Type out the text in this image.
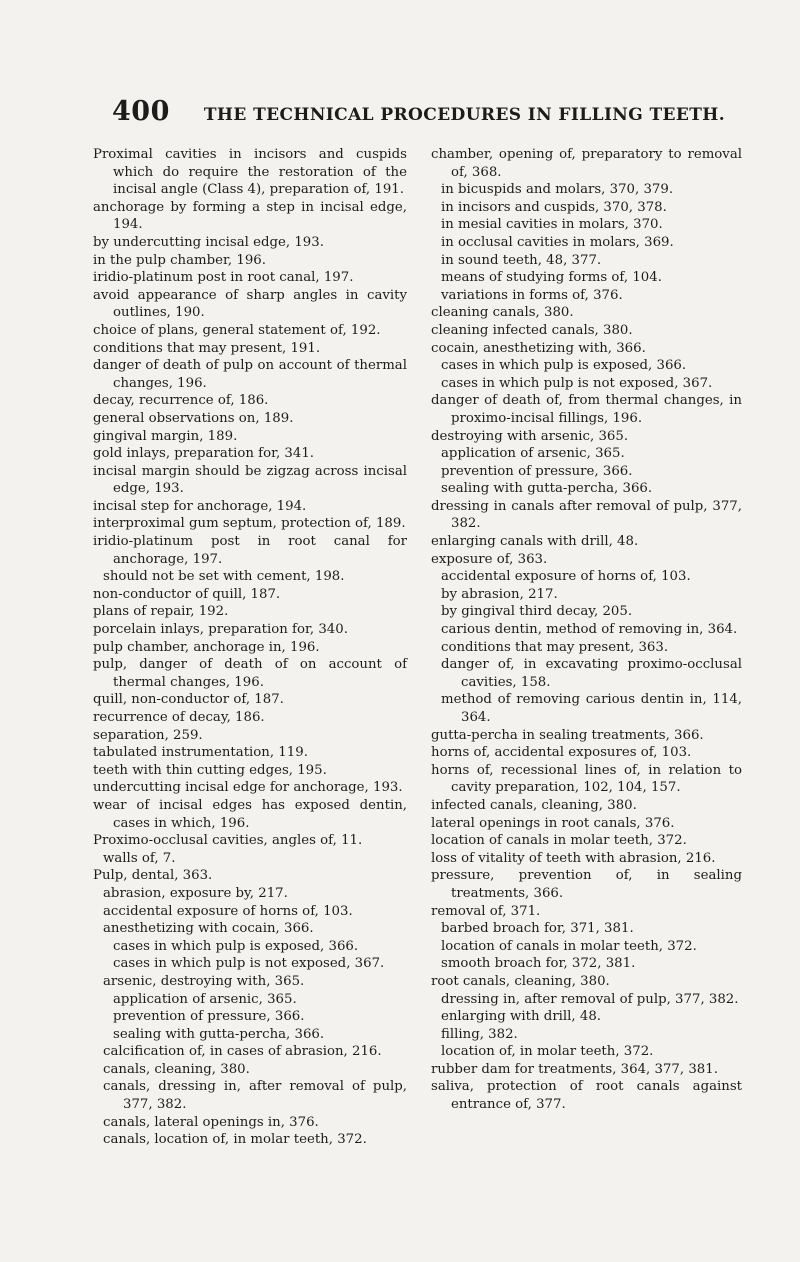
400 THE TECHNICAL PROCEDURES IN FILLING TEETH.

Proximal cavities in incisors and cuspids which do require the restoration of the incisal angle (Class 4), preparation of, 191.

anchorage by forming a step in incisal edge, 194.

by undercutting incisal edge, 193.

in the pulp chamber, 196.

iridio-platinum post in root canal, 197.

avoid appearance of sharp angles in cavity outlines, 190.

choice of plans, general statement of, 192.

conditions that may present, 191.

danger of death of pulp on account of thermal changes, 196.

decay, recurrence of, 186.

general observations on, 189.

gingival margin, 189.

gold inlays, preparation for, 341.

incisal margin should be zigzag across incisal edge, 193.

incisal step for anchorage, 194.

interproximal gum septum, protection of, 189.

iridio-platinum post in root canal for anchorage, 197.

should not be set with cement, 198.

non-conductor of quill, 187.

plans of repair, 192.

porcelain inlays, preparation for, 340.

pulp chamber, anchorage in, 196.

pulp, danger of death of on account of thermal changes, 196.

quill, non-conductor of, 187.

recurrence of decay, 186.

separation, 259.

tabulated instrumentation, 119.

teeth with thin cutting edges, 195.

undercutting incisal edge for anchorage, 193.

wear of incisal edges has exposed dentin, cases in which, 196.

Proximo-occlusal cavities, angles of, 11.

walls of, 7.

Pulp, dental, 363.

abrasion, exposure by, 217.

accidental exposure of horns of, 103.

anesthetizing with cocain, 366.

cases in which pulp is exposed, 366.

cases in which pulp is not exposed, 367.

arsenic, destroying with, 365.

application of arsenic, 365.

prevention of pressure, 366.

sealing with gutta-percha, 366.

calcification of, in cases of abrasion, 216.

canals, cleaning, 380.

canals, dressing in, after removal of pulp, 377, 382.

canals, lateral openings in, 376.

canals, location of, in molar teeth, 372.

chamber, opening of, preparatory to removal of, 368.

in bicuspids and molars, 370, 379.

in incisors and cuspids, 370, 378.

in mesial cavities in molars, 370.

in occlusal cavities in molars, 369.

in sound teeth, 48, 377.

means of studying forms of, 104.

variations in forms of, 376.

cleaning canals, 380.

cleaning infected canals, 380.

cocain, anesthetizing with, 366.

cases in which pulp is exposed, 366.

cases in which pulp is not exposed, 367.

danger of death of, from thermal changes, in proximo-incisal fillings, 196.

destroying with arsenic, 365.

application of arsenic, 365.

prevention of pressure, 366.

sealing with gutta-percha, 366.

dressing in canals after removal of pulp, 377, 382.

enlarging canals with drill, 48.

exposure of, 363.

accidental exposure of horns of, 103.

by abrasion, 217.

by gingival third decay, 205.

carious dentin, method of removing in, 364.

conditions that may present, 363.

danger of, in excavating proximo-occlusal cavities, 158.

method of removing carious dentin in, 114, 364.

gutta-percha in sealing treatments, 366.

horns of, accidental exposures of, 103.

horns of, recessional lines of, in relation to cavity preparation, 102, 104, 157.

infected canals, cleaning, 380.

lateral openings in root canals, 376.

location of canals in molar teeth, 372.

loss of vitality of teeth with abrasion, 216.

pressure, prevention of, in sealing treatments, 366.

removal of, 371.

barbed broach for, 371, 381.

location of canals in molar teeth, 372.

smooth broach for, 372, 381.

root canals, cleaning, 380.

dressing in, after removal of pulp, 377, 382.

enlarging with drill, 48.

filling, 382.

location of, in molar teeth, 372.

rubber dam for treatments, 364, 377, 381.

saliva, protection of root canals against entrance of, 377.
